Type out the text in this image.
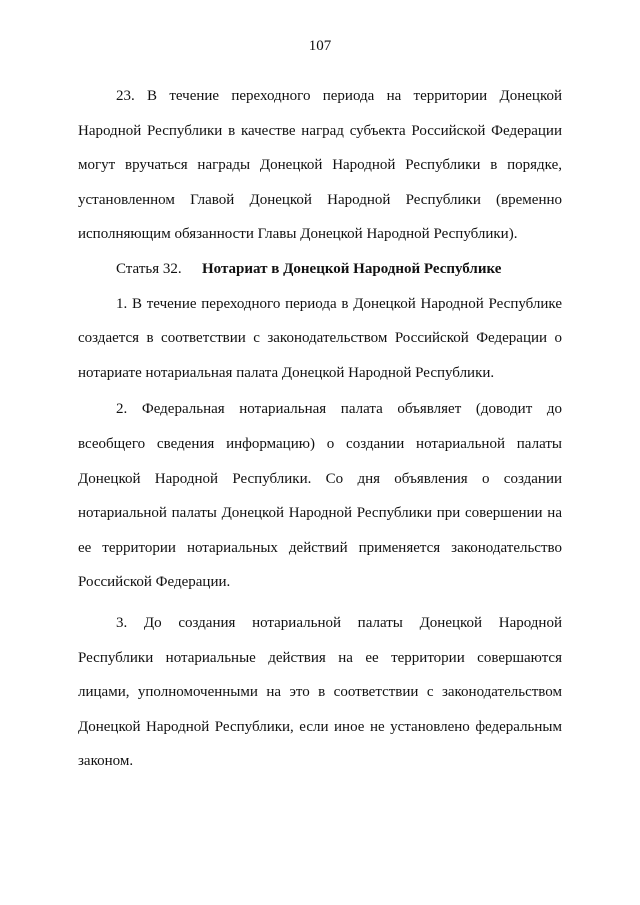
107

23. В течение переходного периода на территории Донецкой Народной Республики в качестве наград субъекта Российской Федерации могут вручаться награды Донецкой Народной Республики в порядке, установленном Главой Донецкой Народной Республики (временно исполняющим обязанности Главы Донецкой Народной Республики).

Статья 32. Нотариат в Донецкой Народной Республике

1. В течение переходного периода в Донецкой Народной Республике создается в соответствии с законодательством Российской Федерации о нотариате нотариальная палата Донецкой Народной Республики.

2. Федеральная нотариальная палата объявляет (доводит до всеобщего сведения информацию) о создании нотариальной палаты Донецкой Народной Республики. Со дня объявления о создании нотариальной палаты Донецкой Народной Республики при совершении на ее территории нотариальных действий применяется законодательство Российской Федерации.

3. До создания нотариальной палаты Донецкой Народной Республики нотариальные действия на ее территории совершаются лицами, уполномоченными на это в соответствии с законодательством Донецкой Народной Республики, если иное не установлено федеральным законом.
